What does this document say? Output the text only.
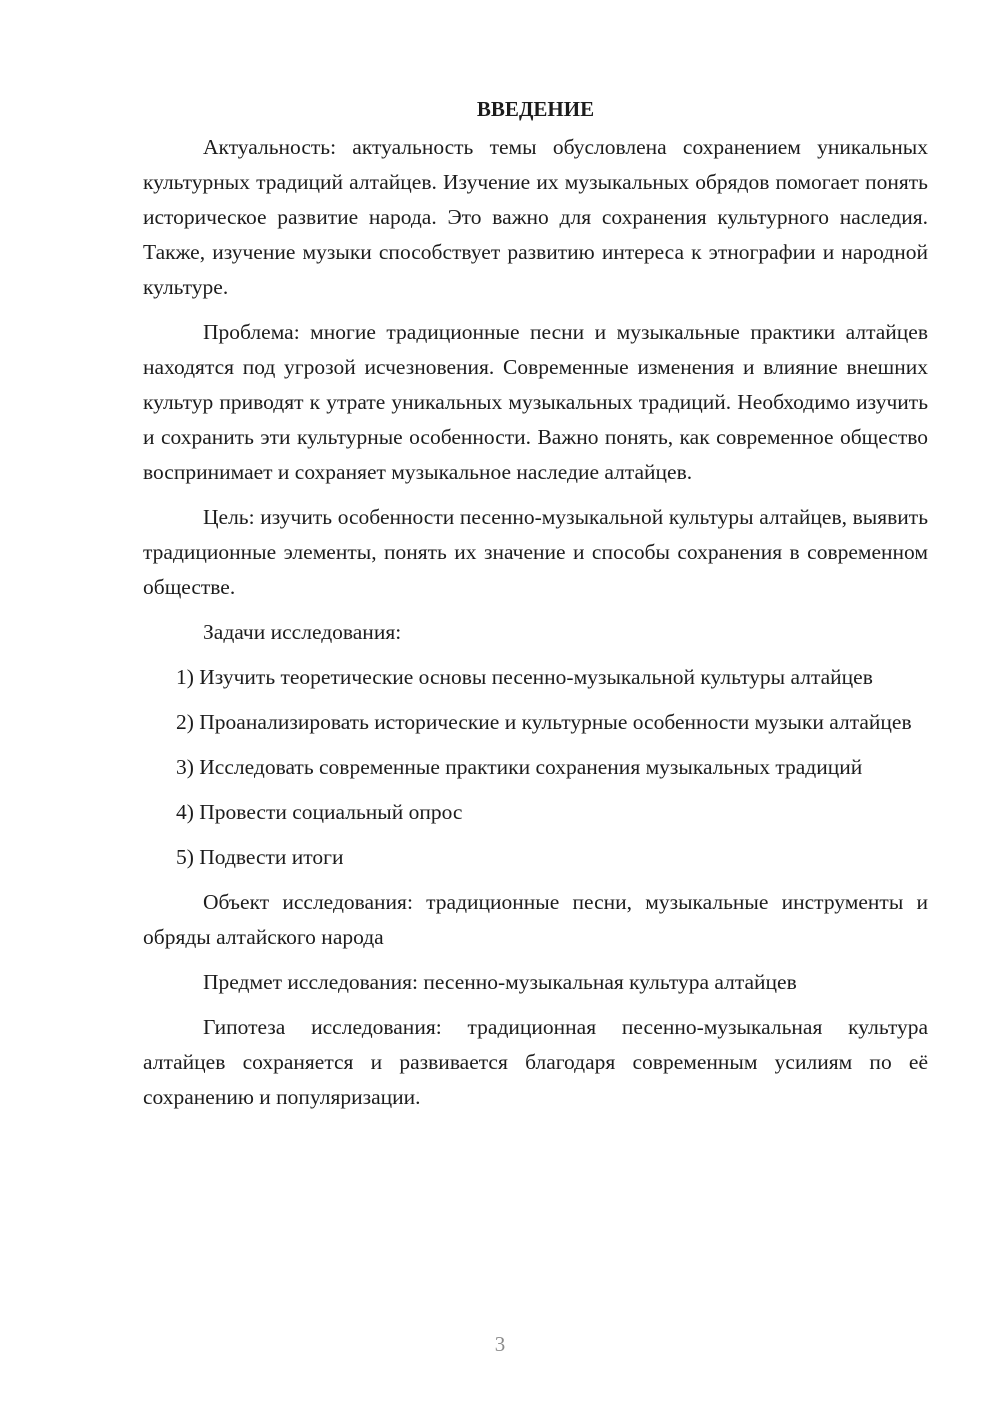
ВВЕДЕНИЕ

Актуальность: актуальность темы обусловлена сохранением уникальных культурных традиций алтайцев. Изучение их музыкальных обрядов помогает понять историческое развитие народа. Это важно для сохранения культурного наследия. Также, изучение музыки способствует развитию интереса к этнографии и народной культуре.

Проблема: многие традиционные песни и музыкальные практики алтайцев находятся под угрозой исчезновения. Современные изменения и влияние внешних культур приводят к утрате уникальных музыкальных традиций. Необходимо изучить и сохранить эти культурные особенности. Важно понять, как современное общество воспринимает и сохраняет музыкальное наследие алтайцев.

Цель: изучить особенности песенно-музыкальной культуры алтайцев, выявить традиционные элементы, понять их значение и способы сохранения в современном обществе.

Задачи исследования:

1) Изучить теоретические основы песенно-музыкальной культуры алтайцев

2) Проанализировать исторические и культурные особенности музыки алтайцев

3) Исследовать современные практики сохранения музыкальных традиций

4) Провести социальный опрос

5) Подвести итоги

Объект исследования: традиционные песни, музыкальные инструменты и обряды алтайского народа

Предмет исследования: песенно-музыкальная культура алтайцев

Гипотеза исследования: традиционная песенно-музыкальная культура алтайцев сохраняется и развивается благодаря современным усилиям по её сохранению и популяризации.

3
